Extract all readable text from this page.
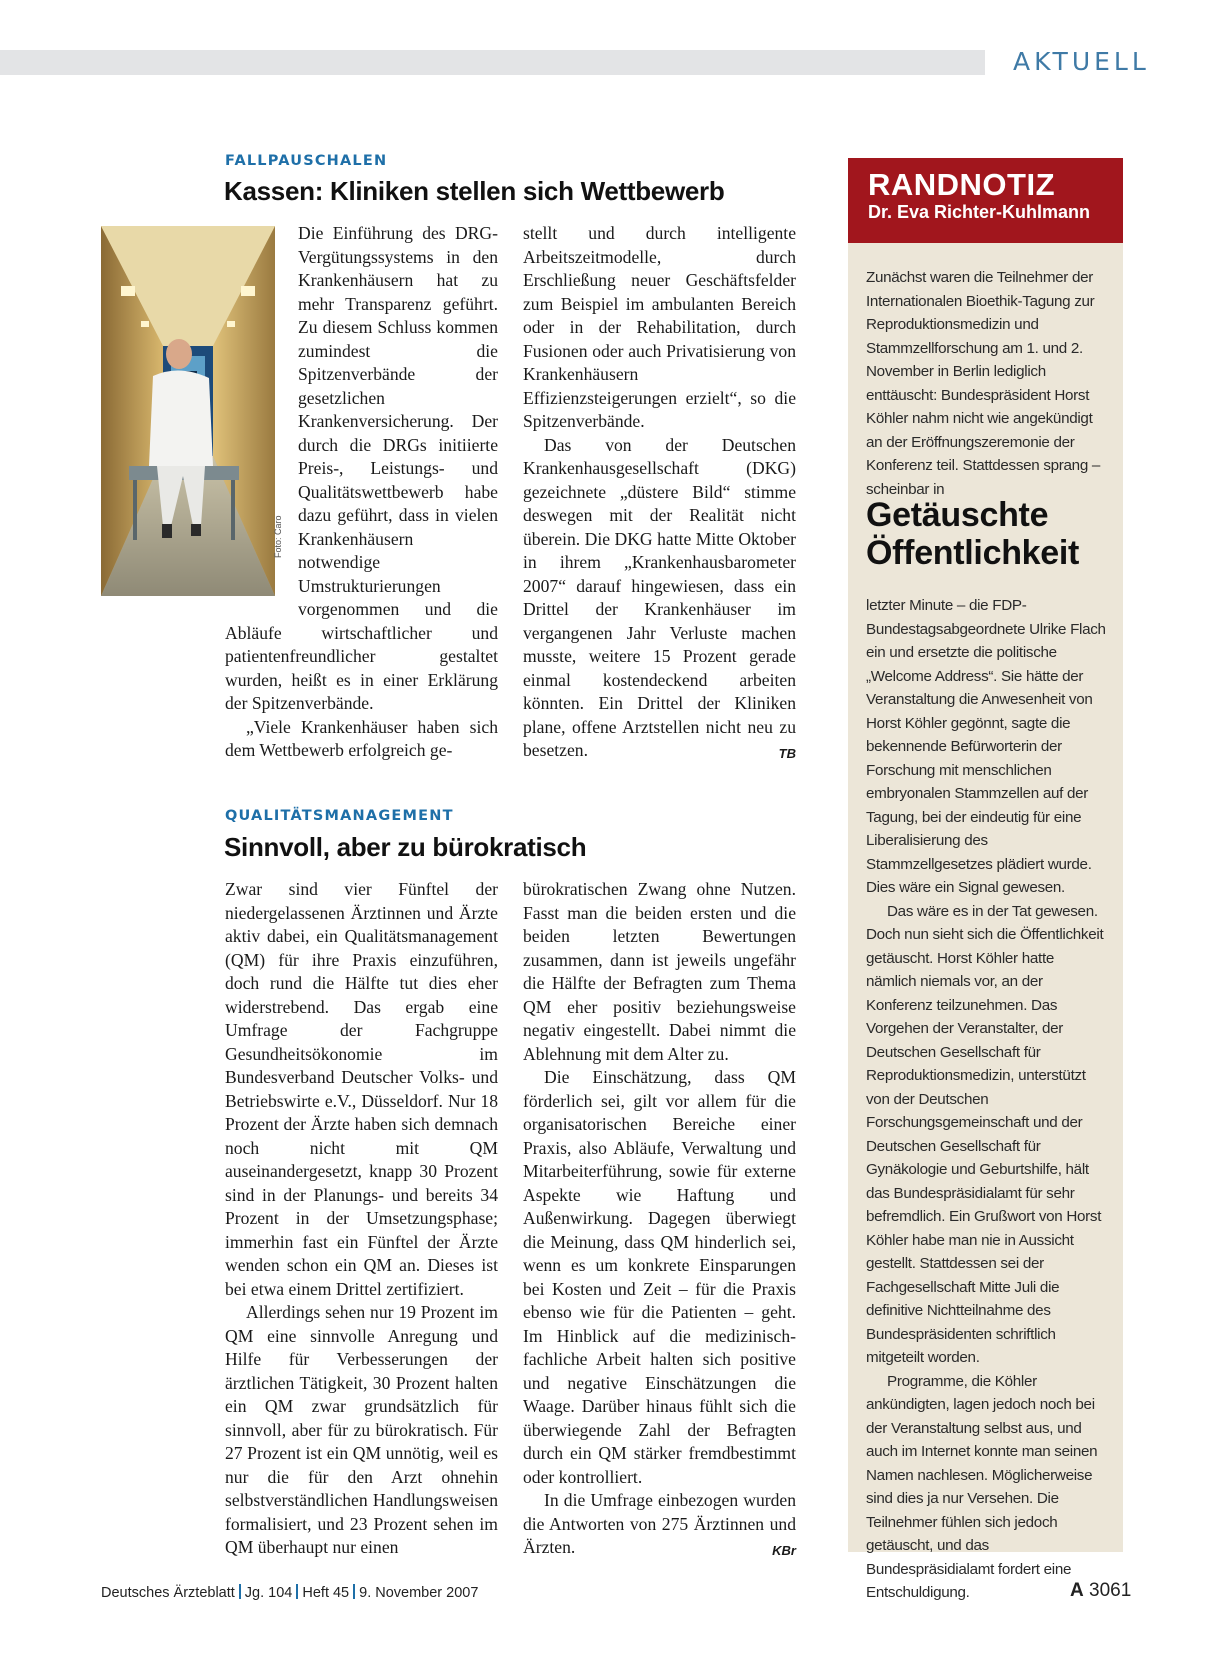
AKTUELL
FALLPAUSCHALEN
Kassen: Kliniken stellen sich Wettbewerb
Foto: Caro

Die Einführung des DRG-Vergütungssystems in den Krankenhäusern hat zu mehr Transparenz geführt. Zu diesem Schluss kommen zumindest die Spitzenverbände der gesetzlichen Krankenversicherung. Der durch die DRGs initiierte Preis-, Leistungs- und Qualitätswettbewerb habe dazu geführt, dass in vielen Krankenhäusern notwendige Umstrukturierungen vorgenommen und die Abläufe wirtschaftlicher und patientenfreundlicher gestaltet wurden, heißt es in einer Erklärung der Spitzenverbände.

„Viele Krankenhäuser haben sich dem Wettbewerb erfolgreich ge-

stellt und durch intelligente Arbeitszeitmodelle, durch Erschließung neuer Geschäftsfelder zum Beispiel im ambulanten Bereich oder in der Rehabilitation, durch Fusionen oder auch Privatisierung von Krankenhäusern Effizienzsteigerungen erzielt“, so die Spitzenverbände.

Das von der Deutschen Krankenhausgesellschaft (DKG) gezeichnete „düstere Bild“ stimme deswegen mit der Realität nicht überein. Die DKG hatte Mitte Oktober in ihrem „Krankenhausbarometer 2007“ darauf hingewiesen, dass ein Drittel der Krankenhäuser im vergangenen Jahr Verluste machen musste, weitere 15 Prozent gerade einmal kostendeckend arbeiten könnten. Ein Drittel der Kliniken plane, offene Arztstellen nicht neu zu besetzen.	TB

QUALITÄTSMANAGEMENT
Sinnvoll, aber zu bürokratisch

Zwar sind vier Fünftel der niedergelassenen Ärztinnen und Ärzte aktiv dabei, ein Qualitätsmanagement (QM) für ihre Praxis einzuführen, doch rund die Hälfte tut dies eher widerstrebend. Das ergab eine Umfrage der Fachgruppe Gesundheitsökonomie im Bundesverband Deutscher Volks- und Betriebswirte e.V., Düsseldorf. Nur 18 Prozent der Ärzte haben sich demnach noch nicht mit QM auseinandergesetzt, knapp 30 Prozent sind in der Planungs- und bereits 34 Prozent in der Umsetzungsphase; immerhin fast ein Fünftel der Ärzte wenden schon ein QM an. Dieses ist bei etwa einem Drittel zertifiziert.

Allerdings sehen nur 19 Prozent im QM eine sinnvolle Anregung und Hilfe für Verbesserungen der ärztlichen Tätigkeit, 30 Prozent halten ein QM zwar grundsätzlich für sinnvoll, aber für zu bürokratisch. Für 27 Prozent ist ein QM unnötig, weil es nur die für den Arzt ohnehin selbstverständlichen Handlungsweisen formalisiert, und 23 Prozent sehen im QM überhaupt nur einen

bürokratischen Zwang ohne Nutzen. Fasst man die beiden ersten und die beiden letzten Bewertungen zusammen, dann ist jeweils ungefähr die Hälfte der Befragten zum Thema QM eher positiv beziehungsweise negativ eingestellt. Dabei nimmt die Ablehnung mit dem Alter zu.

Die Einschätzung, dass QM förderlich sei, gilt vor allem für die organisatorischen Bereiche einer Praxis, also Abläufe, Verwaltung und Mitarbeiterführung, sowie für externe Aspekte wie Haftung und Außenwirkung. Dagegen überwiegt die Meinung, dass QM hinderlich sei, wenn es um konkrete Einsparungen bei Kosten und Zeit – für die Praxis ebenso wie für die Patienten – geht. Im Hinblick auf die medizinisch-fachliche Arbeit halten sich positive und negative Einschätzungen die Waage. Darüber hinaus fühlt sich die überwiegende Zahl der Befragten durch ein QM stärker fremdbestimmt oder kontrolliert.

In die Umfrage einbezogen wurden die Antworten von 275 Ärztinnen und Ärzten.	KBr

RANDNOTIZ
Dr. Eva Richter-Kuhlmann

Zunächst waren die Teilnehmer der Internationalen Bioethik-Tagung zur Reproduktionsmedizin und Stammzellforschung am 1. und 2. November in Berlin lediglich enttäuscht: Bundespräsident Horst Köhler nahm nicht wie angekündigt an der Eröffnungszeremonie der Konferenz teil. Stattdessen sprang – scheinbar in

Getäuschte
Öffentlichkeit

letzter Minute – die FDP-Bundestagsabgeordnete Ulrike Flach ein und ersetzte die politische „Welcome Address“. Sie hätte der Veranstaltung die Anwesenheit von Horst Köhler gegönnt, sagte die bekennende Befürworterin der Forschung mit menschlichen embryonalen Stammzellen auf der Tagung, bei der eindeutig für eine Liberalisierung des Stammzellgesetzes plädiert wurde. Dies wäre ein Signal gewesen.

Das wäre es in der Tat gewesen. Doch nun sieht sich die Öffentlichkeit getäuscht. Horst Köhler hatte nämlich niemals vor, an der Konferenz teilzunehmen. Das Vorgehen der Veranstalter, der Deutschen Gesellschaft für Reproduktionsmedizin, unterstützt von der Deutschen Forschungsgemeinschaft und der Deutschen Gesellschaft für Gynäkologie und Geburtshilfe, hält das Bundespräsidialamt für sehr befremdlich. Ein Grußwort von Horst Köhler habe man nie in Aussicht gestellt. Stattdessen sei der Fachgesellschaft Mitte Juli die definitive Nichtteilnahme des Bundespräsidenten schriftlich mitgeteilt worden.

Programme, die Köhler ankündigten, lagen jedoch noch bei der Veranstaltung selbst aus, und auch im Internet konnte man seinen Namen nachlesen. Möglicherweise sind dies ja nur Versehen. Die Teilnehmer fühlen sich jedoch getäuscht, und das Bundespräsidialamt fordert eine Entschuldigung.

Deutsches Ärzteblatt Jg. 104 Heft 45 9. November 2007	A 3061
